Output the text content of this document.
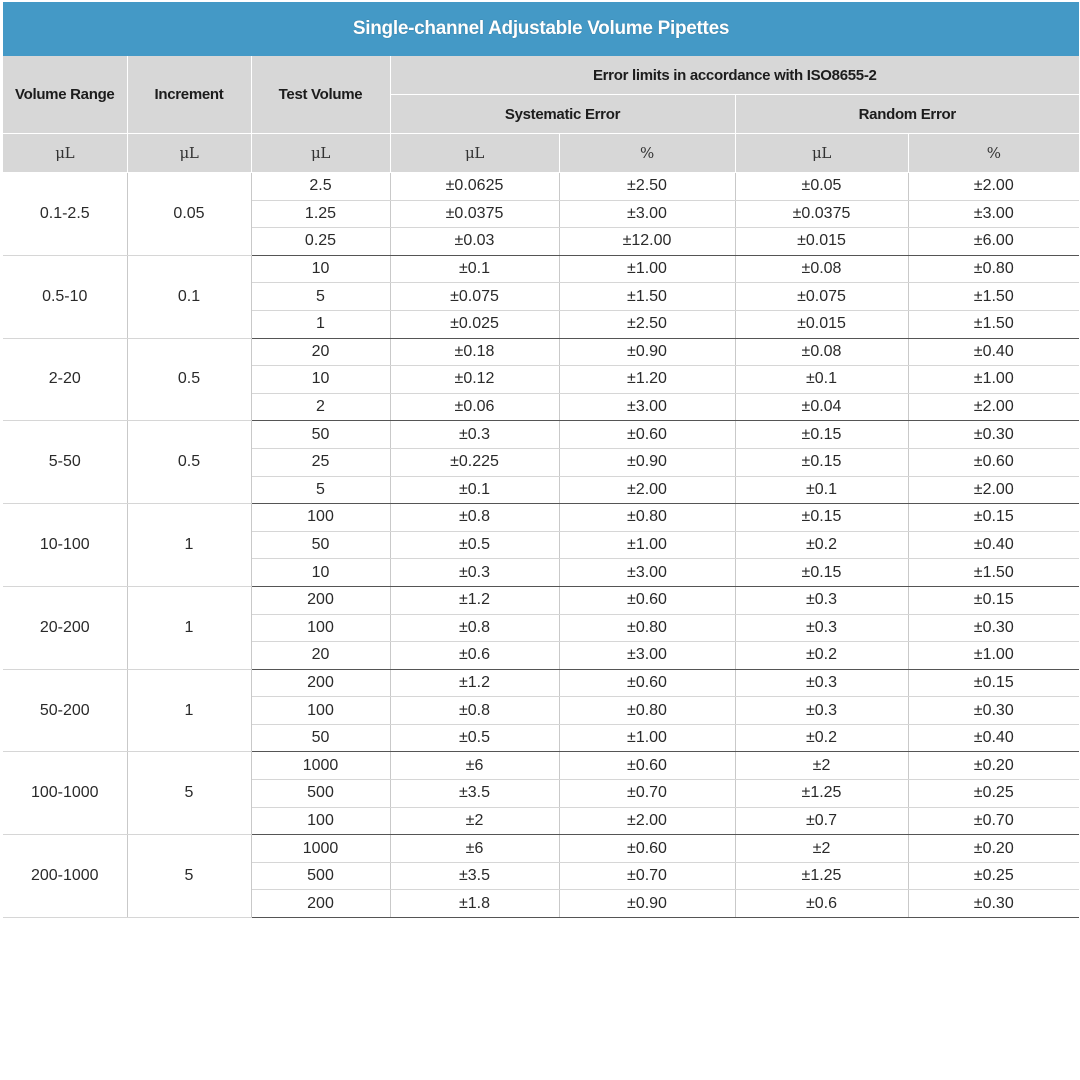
Single-channel Adjustable Volume Pipettes
Volume Range	Increment	Test Volume	Error limits in accordance with ISO8655-2			
			Systematic Error		Random Error	
μL	μL	μL	μL	%	μL	%
0.1-2.5	0.05	2.5	±0.0625	±2.50	±0.05	±2.00
		1.25	±0.0375	±3.00	±0.0375	±3.00
		0.25	±0.03	±12.00	±0.015	±6.00
0.5-10	0.1	10	±0.1	±1.00	±0.08	±0.80
		5	±0.075	±1.50	±0.075	±1.50
		1	±0.025	±2.50	±0.015	±1.50
2-20	0.5	20	±0.18	±0.90	±0.08	±0.40
		10	±0.12	±1.20	±0.1	±1.00
		2	±0.06	±3.00	±0.04	±2.00
5-50	0.5	50	±0.3	±0.60	±0.15	±0.30
		25	±0.225	±0.90	±0.15	±0.60
		5	±0.1	±2.00	±0.1	±2.00
10-100	1	100	±0.8	±0.80	±0.15	±0.15
		50	±0.5	±1.00	±0.2	±0.40
		10	±0.3	±3.00	±0.15	±1.50
20-200	1	200	±1.2	±0.60	±0.3	±0.15
		100	±0.8	±0.80	±0.3	±0.30
		20	±0.6	±3.00	±0.2	±1.00
50-200	1	200	±1.2	±0.60	±0.3	±0.15
		100	±0.8	±0.80	±0.3	±0.30
		50	±0.5	±1.00	±0.2	±0.40
100-1000	5	1000	±6	±0.60	±2	±0.20
		500	±3.5	±0.70	±1.25	±0.25
		100	±2	±2.00	±0.7	±0.70
200-1000	5	1000	±6	±0.60	±2	±0.20
		500	±3.5	±0.70	±1.25	±0.25
		200	±1.8	±0.90	±0.6	±0.30
